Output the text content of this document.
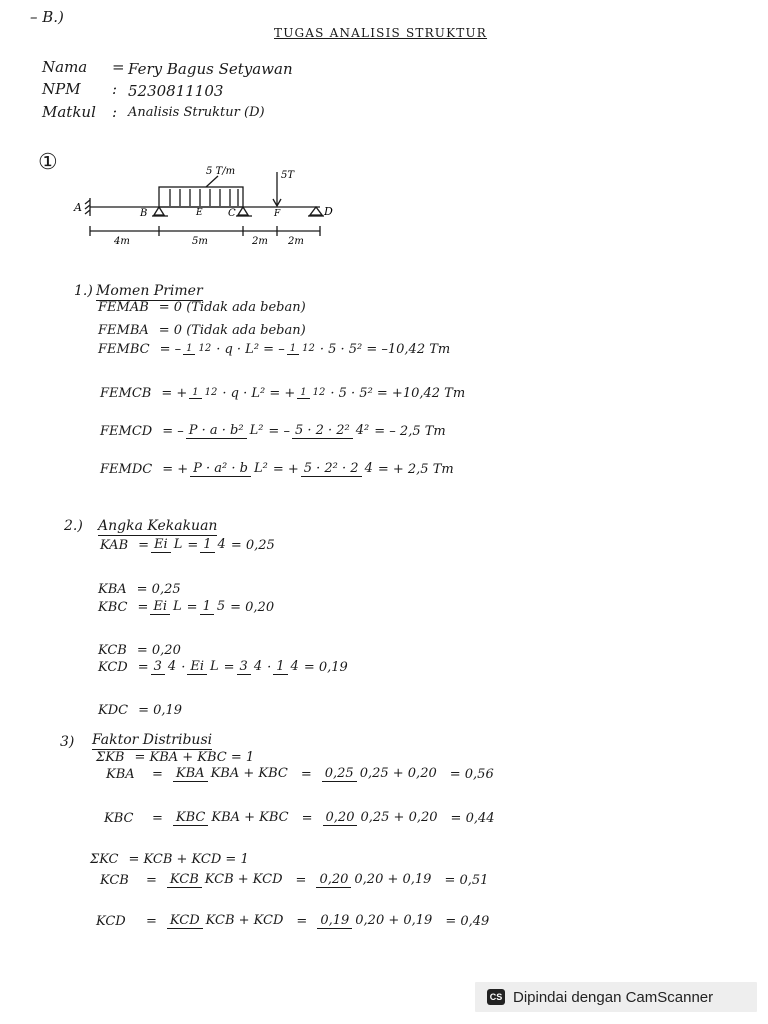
– B.)
TUGAS ANALISIS STRUKTUR
Nama = Fery Bagus Setyawan
NPM : 5230811103
Matkul : Analisis Struktur (D)
①	5 T/m	5T
A	B	E	C	F	D
4m	5m	2m 2m
1.) Momen Primer
FEMAB = 0 (Tidak ada beban)
FEMBA = 0 (Tidak ada beban)
FEMBC = – 1 12 · q · L² = – 1 12 · 5 · 5² = –10,42 Tm
FEMCB = + 1 12 · q · L² = + 1 12 · 5 · 5² = +10,42 Tm
FEMCD = – P · a · b² L² = – 5 · 2 · 2² 4² = – 2,5 Tm
FEMDC = + P · a² · b L² = + 5 · 2² · 2 4 = + 2,5 Tm
2.) Angka Kekakuan
KAB = Ei L = 1 4 = 0,25
KBA = 0,25
KBC = Ei L = 1 5 = 0,20
KCB = 0,20
KCD = 3 4 · Ei L = 3 4 · 1 4 = 0,19
KDC = 0,19
3) Faktor Distribusi
ΣKB = KBA + KBC = 1
KBA	= KBA KBA + KBC = 0,25 0,25 + 0,20 = 0,56
KBC	= KBC KBA + KBC = 0,20 0,25 + 0,20 = 0,44
ΣKC = KCB + KCD = 1
KCB	= KCB KCB + KCD = 0,20 0,20 + 0,19 = 0,51
KCD	= KCD KCB + KCD = 0,19 0,20 + 0,19 = 0,49
CS Dipindai dengan CamScanner
